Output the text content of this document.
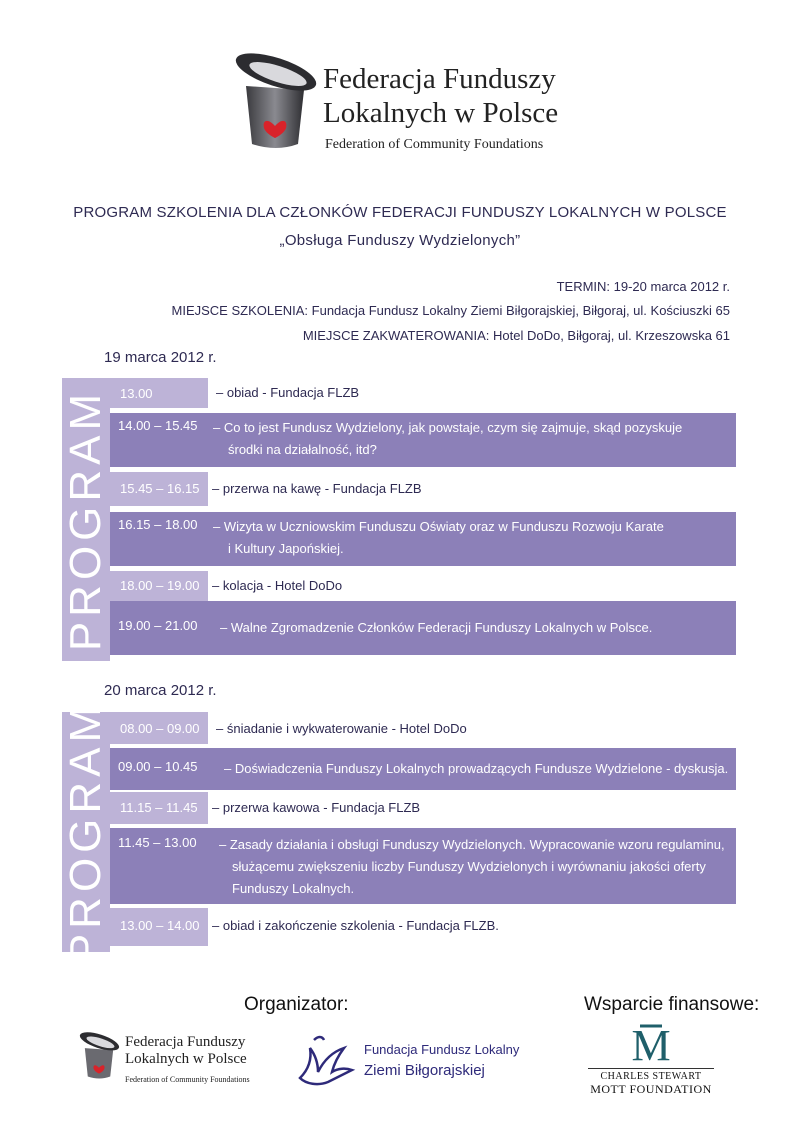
Federacja Funduszy
Lokalnych w Polsce
Federation of Community Foundations
PROGRAM SZKOLENIA DLA CZŁONKÓW FEDERACJI FUNDUSZY LOKALNYCH W POLSCE
„Obsługa Funduszy Wydzielonych”
TERMIN: 19-20 marca 2012 r.
MIEJSCE SZKOLENIA: Fundacja Fundusz Lokalny Ziemi Biłgorajskiej, Biłgoraj, ul. Kościuszki 65
MIEJSCE ZAKWATEROWANIA: Hotel DoDo, Biłgoraj, ul. Krzeszowska 61
19 marca 2012 r.
PROGRAM 13.00	– obiad - Fundacja FLZB
14.00 – 15.45 – Co to jest Fundusz Wydzielony, jak powstaje, czym się zajmuje, skąd pozyskuje
środki na działalność, itd?
15.45 – 16.15 – przerwa na kawę - Fundacja FLZB
16.15 – 18.00 – Wizyta w Uczniowskim Funduszu Oświaty oraz w Funduszu Rozwoju Karate
i Kultury Japońskiej.
18.00 – 19.00 – kolacja - Hotel DoDo
19.00 – 21.00 – Walne Zgromadzenie Członków Federacji Funduszy Lokalnych w Polsce.
20 marca 2012 r.
PROGRAM 08.00 – 09.00 – śniadanie i wykwaterowanie - Hotel DoDo
09.00 – 10.45 – Doświadczenia Funduszy Lokalnych prowadzących Fundusze Wydzielone - dyskusja.
11.15 – 11.45 – przerwa kawowa - Fundacja FLZB
11.45 – 13.00 – Zasady działania i obsługi Funduszy Wydzielonych. Wypracowanie wzoru regulaminu,
służącemu zwiększeniu liczby Funduszy Wydzielonych i wyrównaniu jakości oferty
Funduszy Lokalnych.
13.00 – 14.00 – obiad i zakończenie szkolenia - Fundacja FLZB.
Organizator:	Wsparcie finansowe:
Federacja Funduszy
Lokalnych w Polsce
Federation of Community Foundations
Fundacja Fundusz Lokalny
Ziemi Biłgorajskiej
M
CHARLES STEWART
MOTT FOUNDATION
